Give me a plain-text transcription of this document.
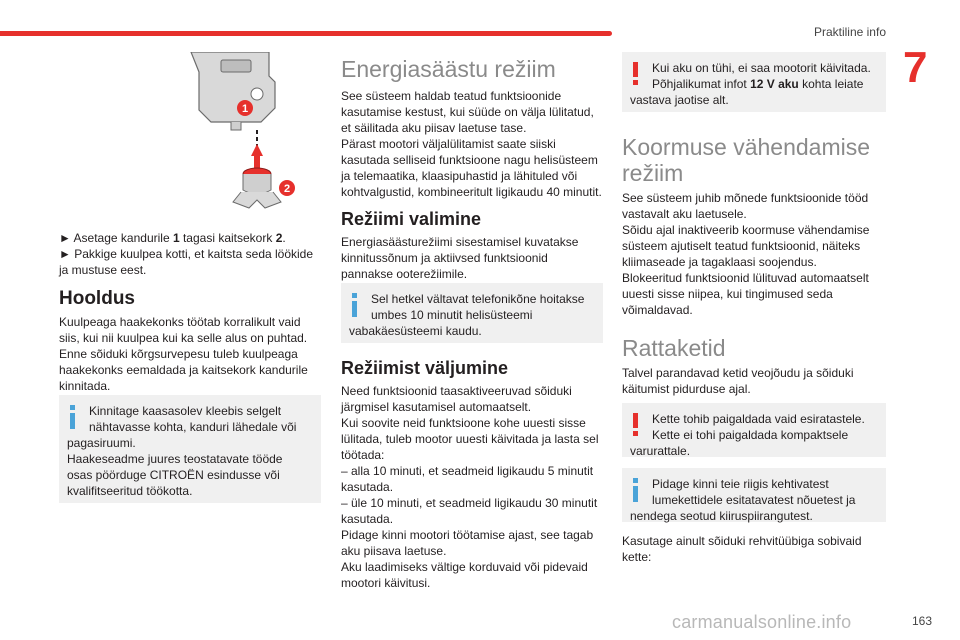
Praktiline info
7
1
2

► Asetage kandurile 1 tagasi kaitsekork 2.

► Pakkige kuulpea kotti, et kaitsta seda löökide ja mustuse eest.

Hooldus

Kuulpeaga haakekonks töötab korralikult vaid siis, kui nii kuulpea kui ka selle alus on puhtad.

Enne sõiduki kõrgsurvepesu tuleb kuulpeaga haakekonks eemaldada ja kaitsekork kandurile kinnitada.

Kinnitage kaasasolev kleebis selgelt nähtavasse kohta, kanduri lähedale või
pagasiruumi.
Haakeseadme juures teostatavate tööde osas pöörduge CITROËN esindusse või kvalifitseeritud töökotta.
Energiasäästu režiim

See süsteem haldab teatud funktsioonide kasutamise kestust, kui süüde on välja lülitatud, et säilitada aku piisav laetuse tase.

Pärast mootori väljalülitamist saate siiski kasutada selliseid funktsioone nagu helisüsteem ja telemaatika, klaasipuhastid ja lähituled või kohtvalgustid, kombineeritult ligikaudu 40 minutit.

Režiimi valimine

Energiasäästurežiimi sisestamisel kuvatakse kinnitussõnum ja aktiivsed funktsioonid pannakse ooterežiimile.

Sel hetkel vältavat telefonikõne hoitakse umbes 10 minutit helisüsteemi
vabakäesüsteemi kaudu.
Režiimist väljumine

Need funktsioonid taasaktiveeruvad sõiduki järgmisel kasutamisel automaatselt.

Kui soovite neid funktsioone kohe uuesti sisse lülitada, tuleb mootor uuesti käivitada ja lasta sel töötada:

– alla 10 minuti, et seadmeid ligikaudu 5 minutit kasutada.

– üle 10 minuti, et seadmeid ligikaudu 30 minutit kasutada.

Pidage kinni mootori töötamise ajast, see tagab aku piisava laetuse.

Aku laadimiseks vältige korduvaid või pidevaid mootori käivitusi.

Kui aku on tühi, ei saa mootorit käivitada. Põhjalikumat infot 12 V aku kohta leiate
vastava jaotise alt.
Koormuse vähendamise režiim

See süsteem juhib mõnede funktsioonide tööd vastavalt aku laetusele.

Sõidu ajal inaktiveerib koormuse vähendamise süsteem ajutiselt teatud funktsioonid, näiteks kliimaseade ja tagaklaasi soojendus.

Blokeeritud funktsioonid lülituvad automaatselt uuesti sisse niipea, kui tingimused seda võimaldavad.

Rattaketid

Talvel parandavad ketid veojõudu ja sõiduki käitumist pidurduse ajal.

Kette tohib paigaldada vaid esiratastele. Kette ei tohi paigaldada kompaktsele
varurattale.
Pidage kinni teie riigis kehtivatest lumekettidele esitatavatest nõuetest ja
nendega seotud kiiruspiirangutest.

Kasutage ainult sõiduki rehvitüübiga sobivaid kette:

carmanualsonline.info	163
